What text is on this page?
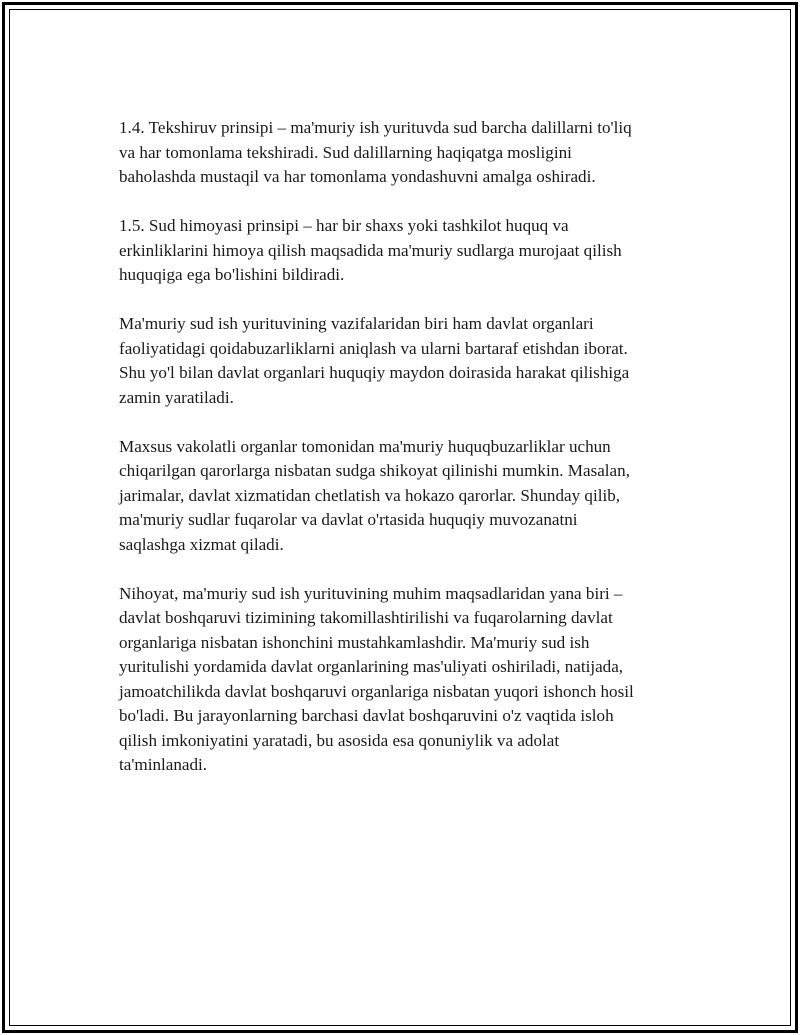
1.4. Tekshiruv prinsipi – ma'muriy ish yurituvda sud barcha dalillarni to'liq
va har tomonlama tekshiradi. Sud dalillarning haqiqatga mosligini
baholashda mustaqil va har tomonlama yondashuvni amalga oshiradi.

1.5. Sud himoyasi prinsipi – har bir shaxs yoki tashkilot huquq va
erkinliklarini himoya qilish maqsadida ma'muriy sudlarga murojaat qilish
huquqiga ega bo'lishini bildiradi.

Ma'muriy sud ish yurituvining vazifalaridan biri ham davlat organlari
faoliyatidagi qoidabuzarliklarni aniqlash va ularni bartaraf etishdan iborat.
Shu yo'l bilan davlat organlari huquqiy maydon doirasida harakat qilishiga
zamin yaratiladi.

Maxsus vakolatli organlar tomonidan ma'muriy huquqbuzarliklar uchun
chiqarilgan qarorlarga nisbatan sudga shikoyat qilinishi mumkin. Masalan,
jarimalar, davlat xizmatidan chetlatish va hokazo qarorlar. Shunday qilib,
ma'muriy sudlar fuqarolar va davlat o'rtasida huquqiy muvozanatni
saqlashga xizmat qiladi.

Nihoyat, ma'muriy sud ish yurituvining muhim maqsadlaridan yana biri –
davlat boshqaruvi tizimining takomillashtirilishi va fuqarolarning davlat
organlariga nisbatan ishonchini mustahkamlashdir. Ma'muriy sud ish
yuritulishi yordamida davlat organlarining mas'uliyati oshiriladi, natijada,
jamoatchilikda davlat boshqaruvi organlariga nisbatan yuqori ishonch hosil
bo'ladi. Bu jarayonlarning barchasi davlat boshqaruvini o'z vaqtida isloh
qilish imkoniyatini yaratadi, bu asosida esa qonuniylik va adolat
ta'minlanadi.
